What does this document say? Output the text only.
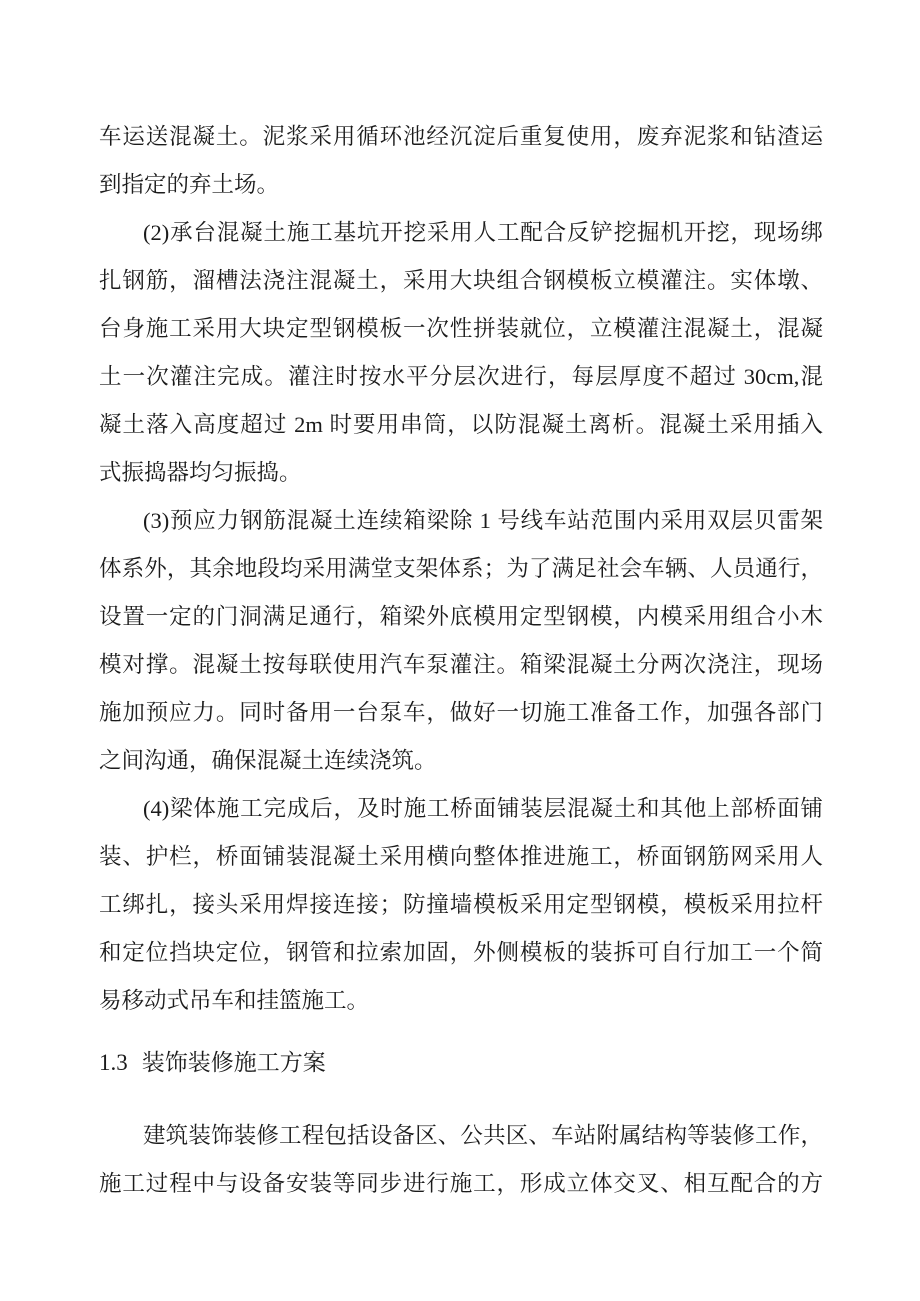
车运送混凝土。泥浆采用循环池经沉淀后重复使用，废弃泥浆和钻渣运
到指定的弃土场。
(2)承台混凝土施工基坑开挖采用人工配合反铲挖掘机开挖，现场绑
扎钢筋，溜槽法浇注混凝土，采用大块组合钢模板立模灌注。实体墩、
台身施工采用大块定型钢模板一次性拼装就位，立模灌注混凝土，混凝
土一次灌注完成。灌注时按水平分层次进行，每层厚度不超过 30cm,混
凝土落入高度超过 2m 时要用串筒，以防混凝土离析。混凝土采用插入
式振捣器均匀振捣。
(3)预应力钢筋混凝土连续箱梁除 1 号线车站范围内采用双层贝雷架
体系外，其余地段均采用满堂支架体系；为了满足社会车辆、人员通行，
设置一定的门洞满足通行，箱梁外底模用定型钢模，内模采用组合小木
模对撑。混凝土按每联使用汽车泵灌注。箱梁混凝土分两次浇注，现场
施加预应力。同时备用一台泵车，做好一切施工准备工作，加强各部门
之间沟通，确保混凝土连续浇筑。
(4)梁体施工完成后，及时施工桥面铺装层混凝土和其他上部桥面铺
装、护栏，桥面铺装混凝土采用横向整体推进施工，桥面钢筋网采用人
工绑扎，接头采用焊接连接；防撞墙模板采用定型钢模，模板采用拉杆
和定位挡块定位，钢管和拉索加固，外侧模板的装拆可自行加工一个简
易移动式吊车和挂篮施工。
1.3 装饰装修施工方案
建筑装饰装修工程包括设备区、公共区、车站附属结构等装修工作，
施工过程中与设备安装等同步进行施工，形成立体交叉、相互配合的方
